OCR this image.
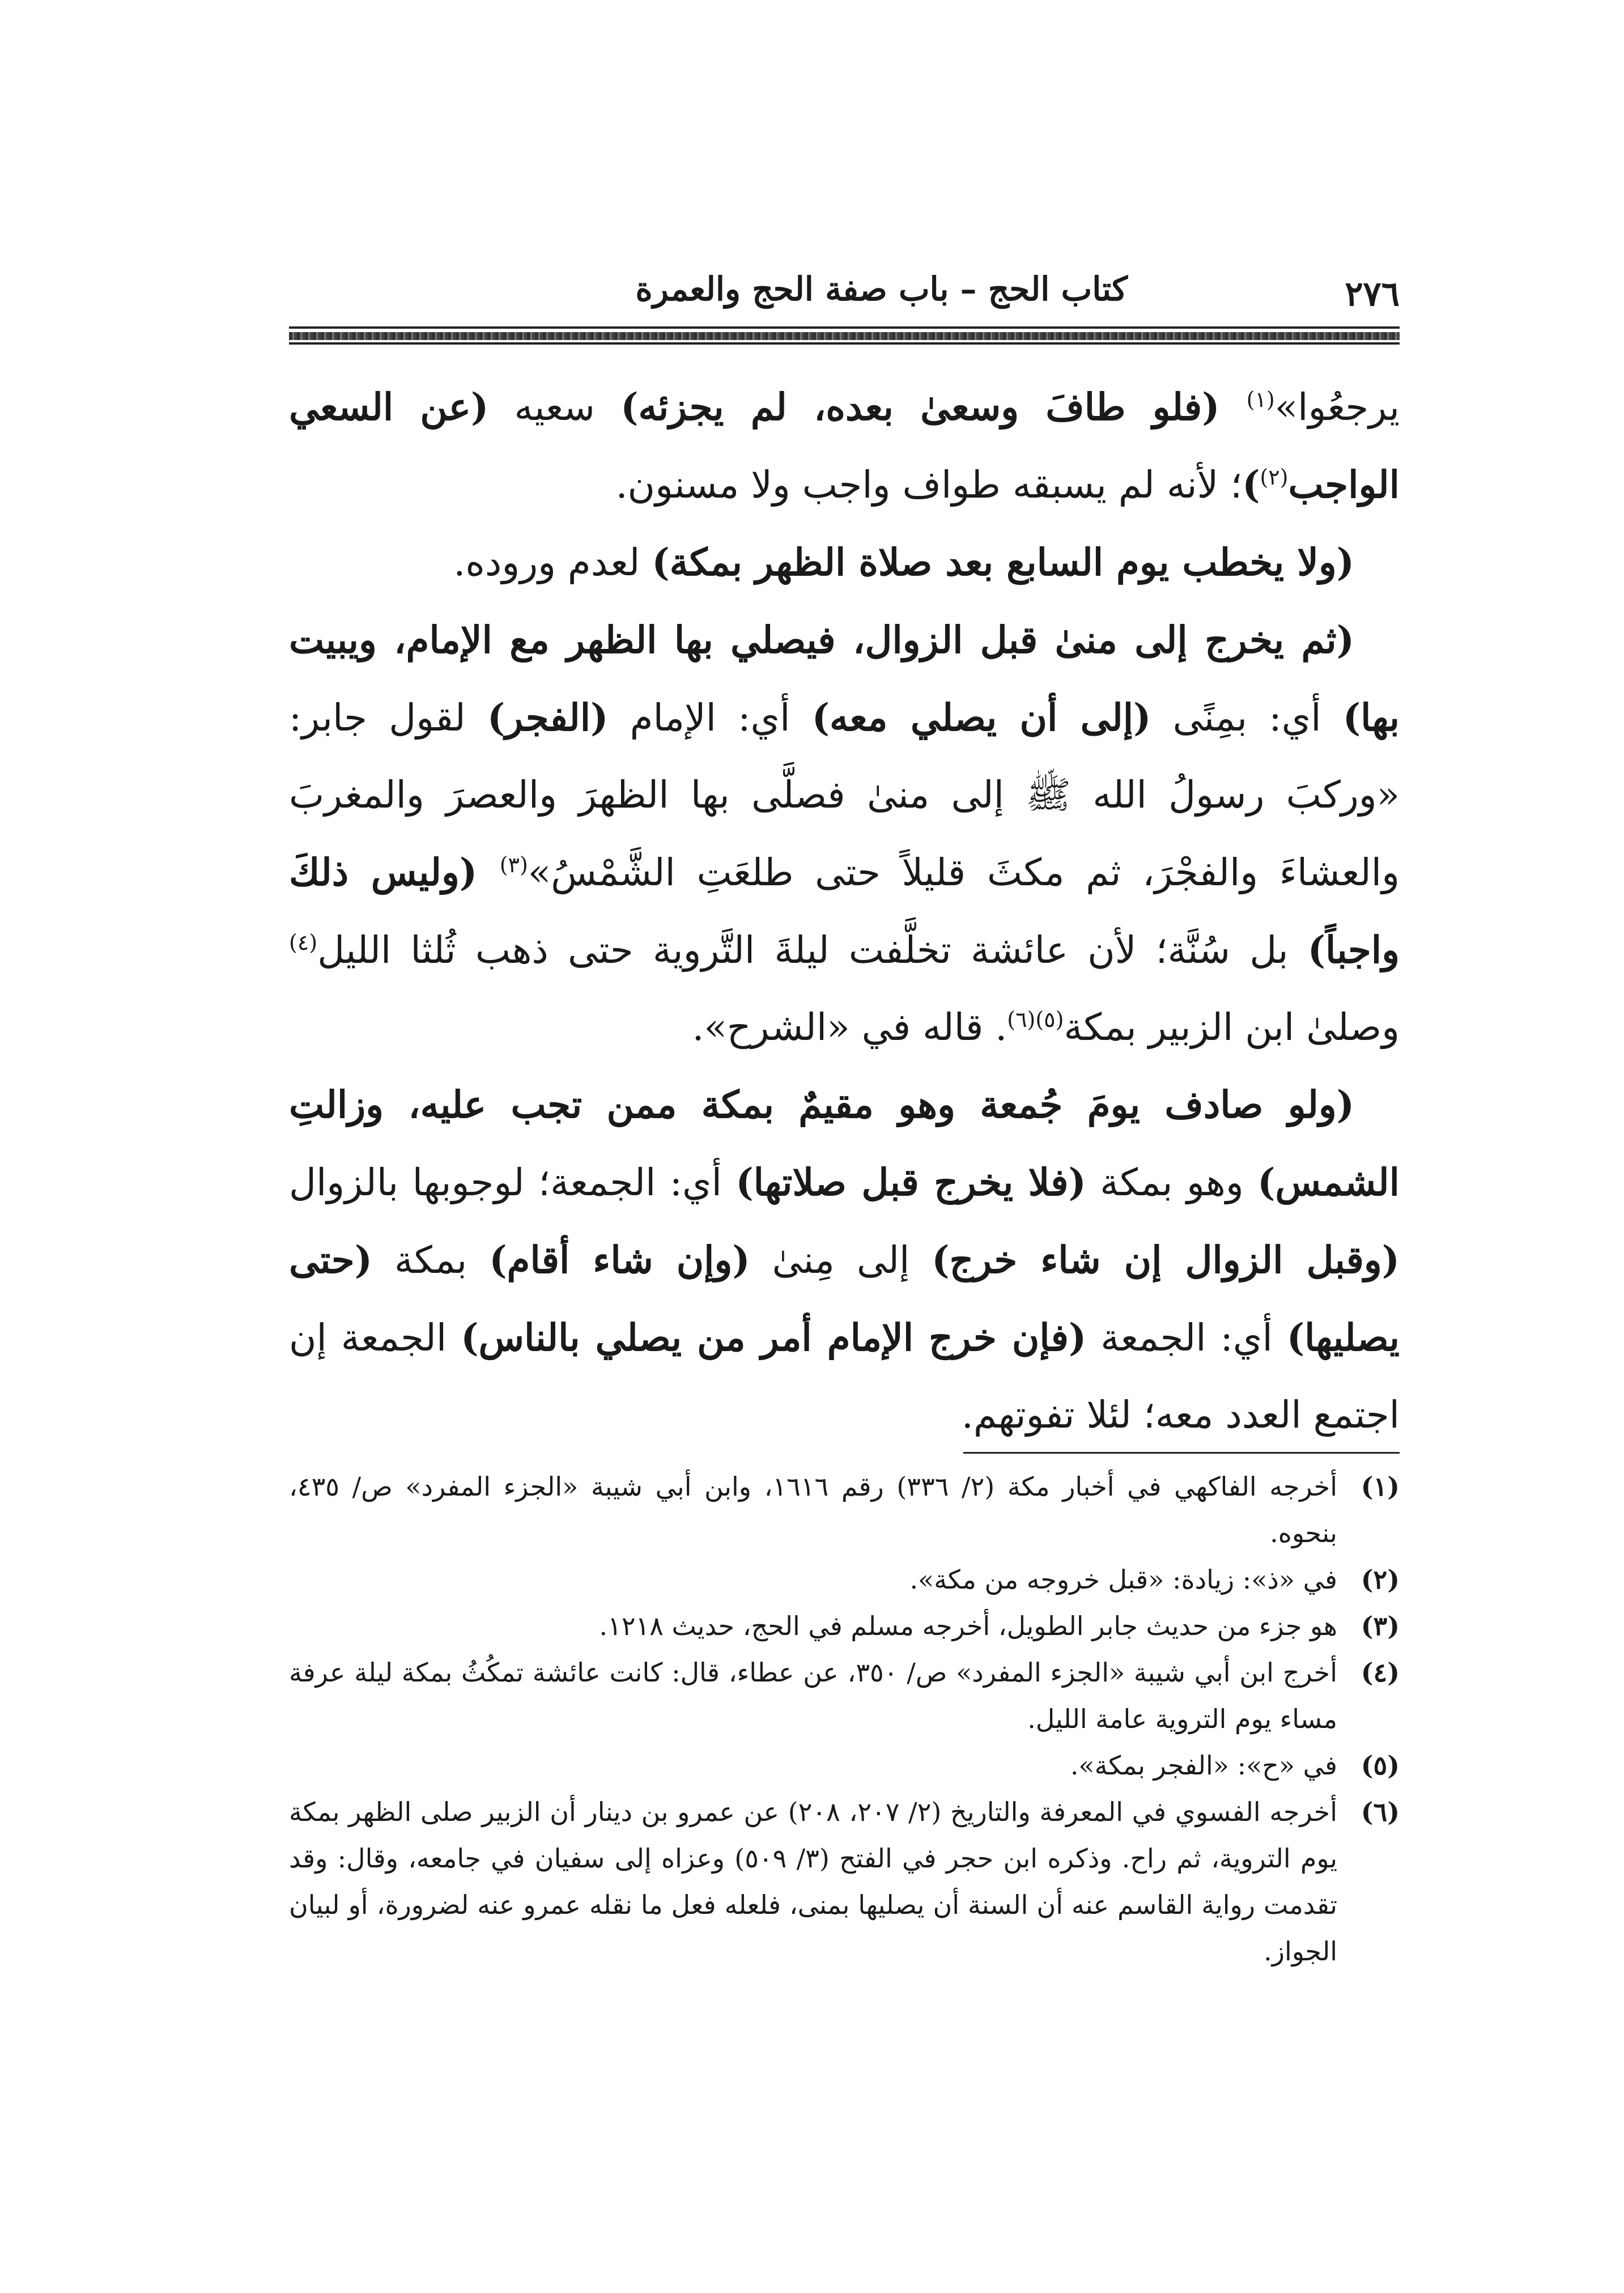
كتاب الحج – باب صفة الحج والعمرة	٢٧٦

يرجعُوا»$^{(١)}$ (فلو طافَ وسعىٰ بعده، لم يجزئه) سعيه (عن السعي الواجب$^{(٢)}$)؛ لأنه لم يسبقه طواف واجب ولا مسنون.

(ولا يخطب يوم السابع بعد صلاة الظهر بمكة) لعدم وروده.

(ثم يخرج إلى منىٰ قبل الزوال، فيصلي بها الظهر مع الإمام، ويبيت بها) أي: بمِنًى (إلى أن يصلي معه) أي: الإمام (الفجر) لقول جابر: «وركبَ رسولُ الله ﷺ إلى منىٰ فصلَّى بها الظهرَ والعصرَ والمغربَ والعشاءَ والفجْرَ، ثم مكثَ قليلاً حتى طلعَتِ الشَّمْسُ»$^{(٣)}$ (وليس ذلكَ واجباً) بل سُنَّة؛ لأن عائشة تخلَّفت ليلةَ التَّروية حتى ذهب ثُلثا الليل$^{(٤)}$ وصلىٰ ابن الزبير بمكة$^{(٥)(٦)}$. قاله في «الشرح».

(ولو صادف يومَ جُمعة وهو مقيمٌ بمكة ممن تجب عليه، وزالتِ الشمس) وهو بمكة (فلا يخرج قبل صلاتها) أي: الجمعة؛ لوجوبها بالزوال (وقبل الزوال إن شاء خرج) إلى مِنىٰ (وإن شاء أقام) بمكة (حتى يصليها) أي: الجمعة (فإن خرج الإمام أمر من يصلي بالناس) الجمعة إن اجتمع العدد معه؛ لئلا تفوتهم.

(١)
أخرجه الفاكهي في أخبار مكة (٢/ ٣٣٦) رقم ١٦١٦، وابن أبي شيبة «الجزء المفرد» ص/ ٤٣٥، بنحوه.
(٢)
في «ذ»: زيادة: «قبل خروجه من مكة».
(٣)
هو جزء من حديث جابر الطويل، أخرجه مسلم في الحج، حديث ١٢١٨.
(٤)
أخرج ابن أبي شيبة «الجزء المفرد» ص/ ٣٥٠، عن عطاء، قال: كانت عائشة تمكُثُ بمكة ليلة عرفة مساء يوم التروية عامة الليل.
(٥)
في «ح»: «الفجر بمكة».
(٦)
أخرجه الفسوي في المعرفة والتاريخ (٢/ ٢٠٧، ٢٠٨) عن عمرو بن دينار أن الزبير صلى الظهر بمكة يوم التروية، ثم راح. وذكره ابن حجر في الفتح (٣/ ٥٠٩) وعزاه إلى سفيان في جامعه، وقال: وقد تقدمت رواية القاسم عنه أن السنة أن يصليها بمنى، فلعله فعل ما نقله عمرو عنه لضرورة، أو لبيان الجواز.
